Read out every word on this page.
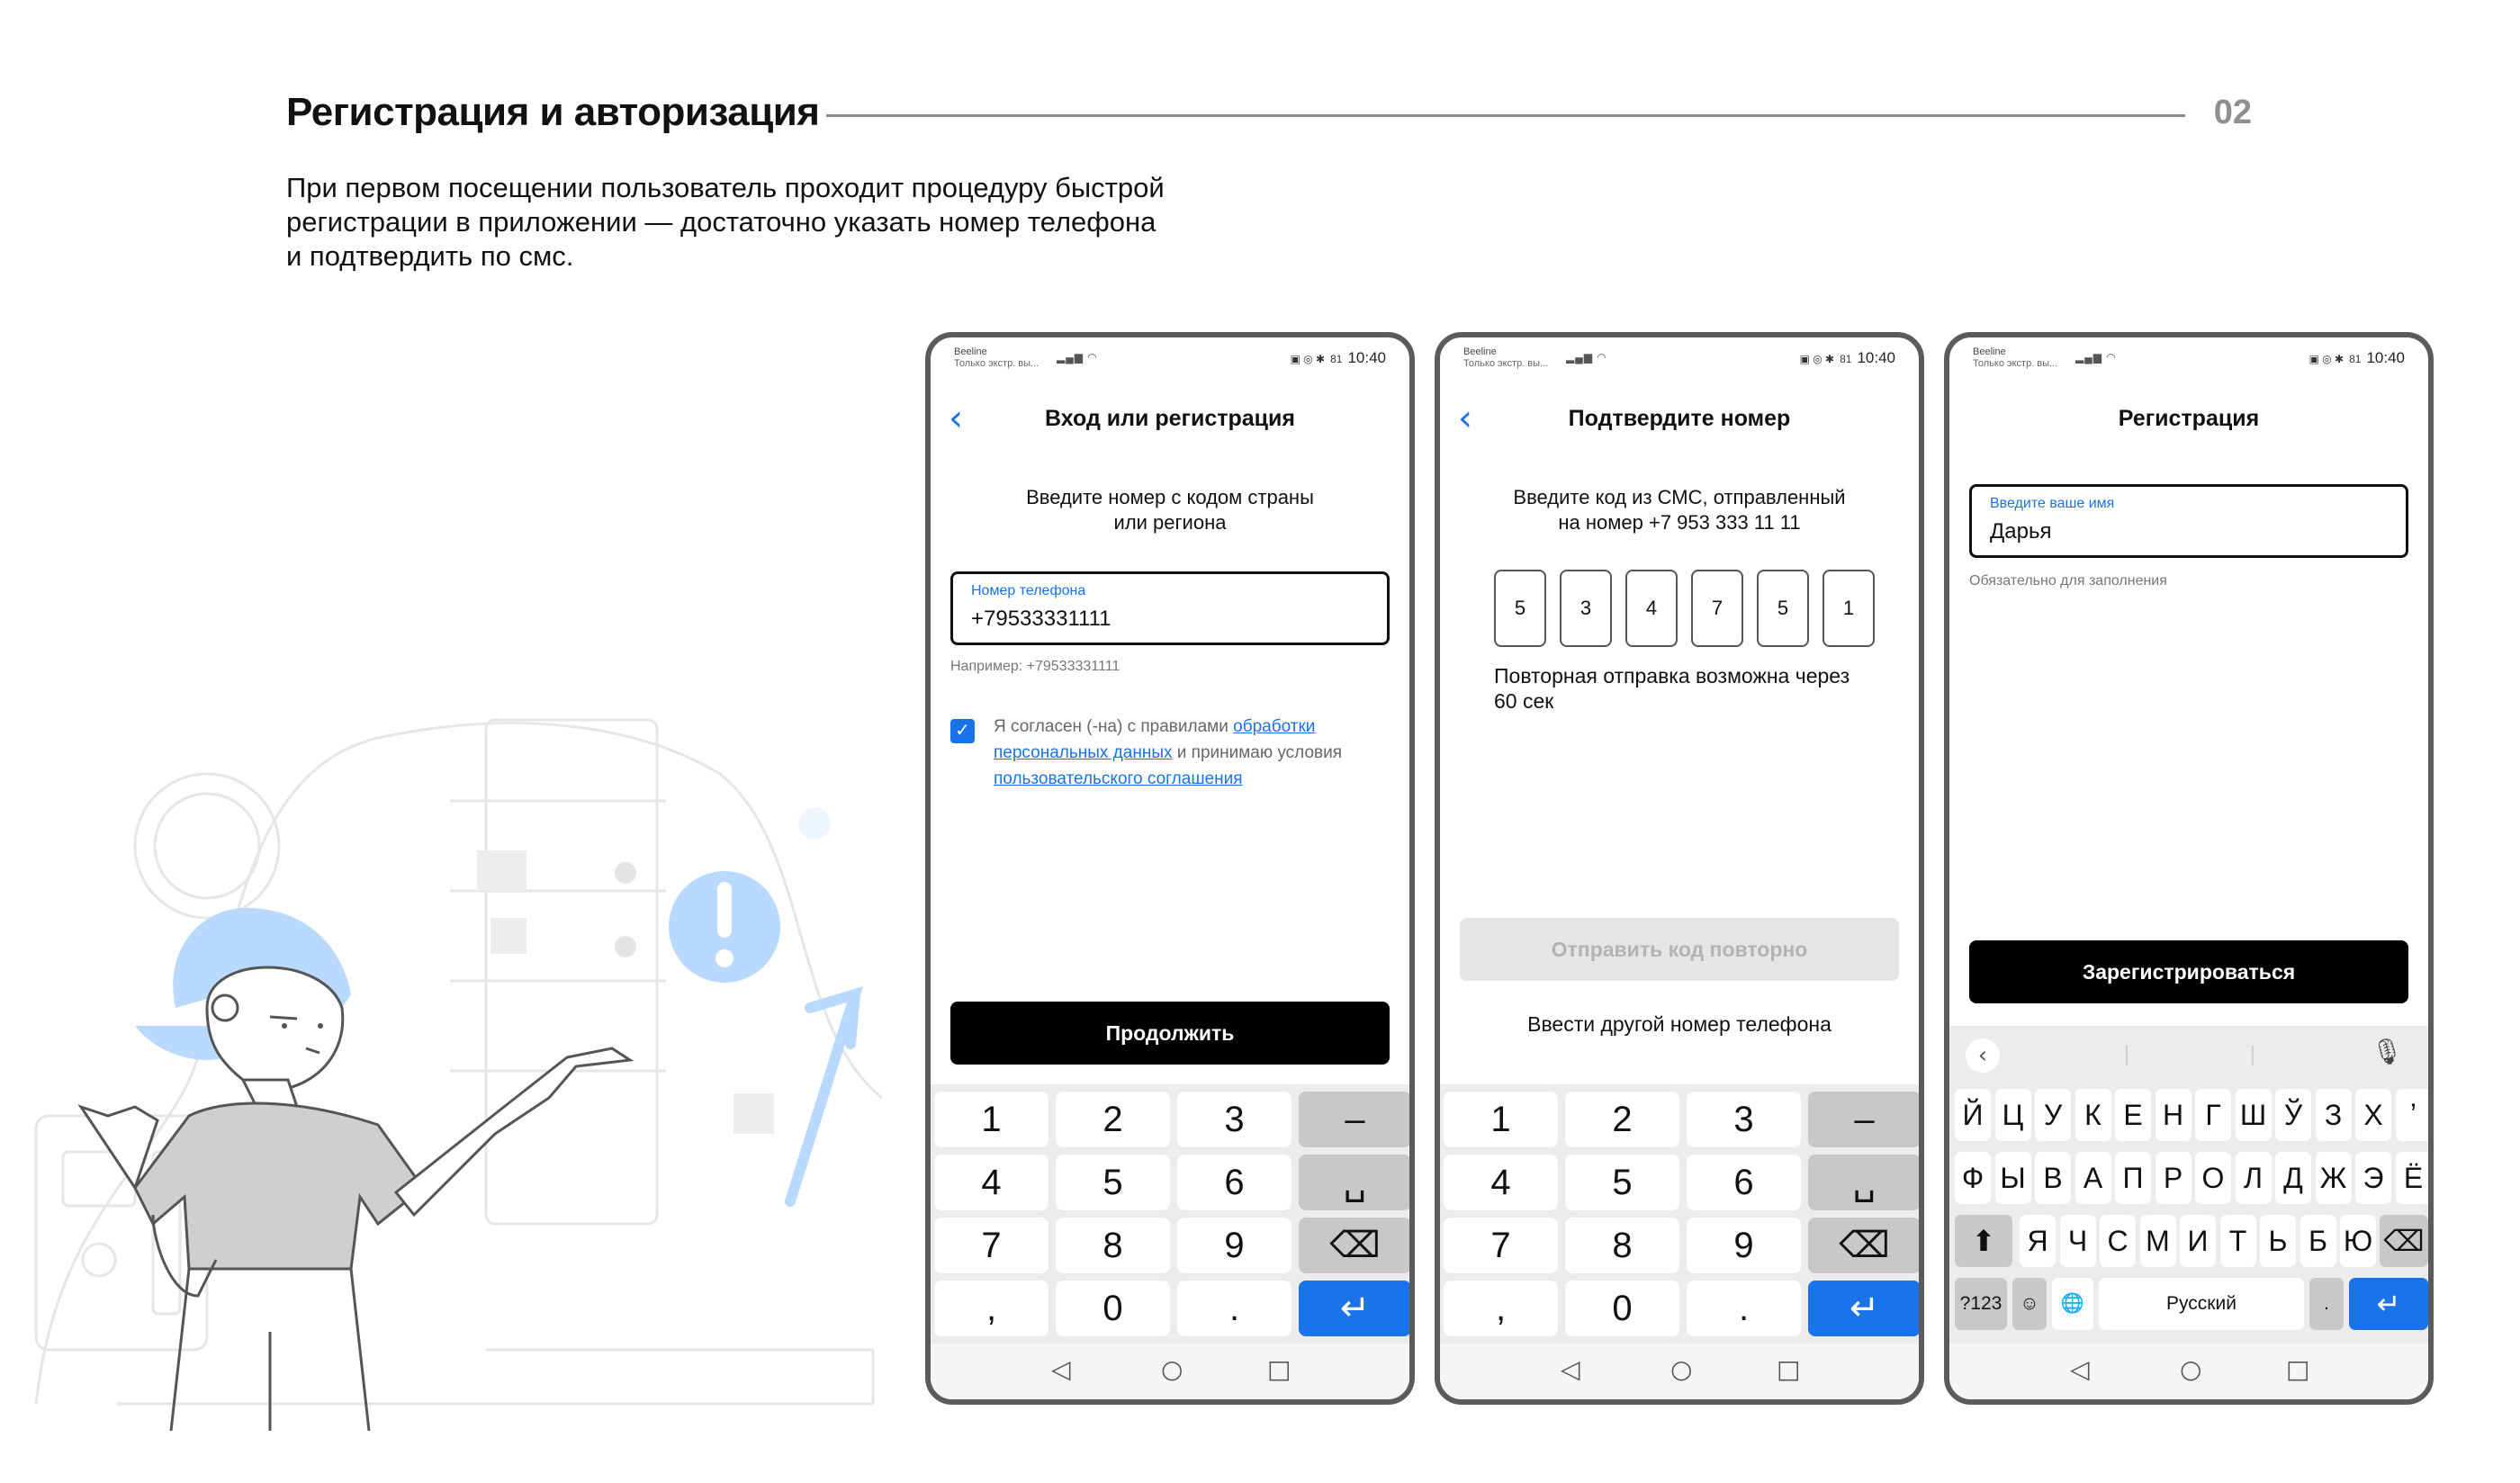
Регистрация и авторизация	02
При первом посещении пользователь проходит процедуру быстрой
регистрации в приложении — достаточно указать номер телефона
и подтвердить по смс.
Beeline
Только экстр. вы... ▂▄▆ ◠	▣ ◎ ✱ 81 10:40
‹	Вход или регистрация
Введите номер с кодом страны
или региона
Номер телефона
+79533331111
Например: +79533331111
✓ Я согласен (-на) с правилами обработки
персональных данных и принимаю условия
пользовательского соглашения
Продолжить
1	2	3	–
4	5	6	␣
7	8	9	⌫
,	0	.	↵
◁	○	□
Beeline
Только экстр. вы... ▂▄▆ ◠	▣ ◎ ✱ 81 10:40
‹	Подтвердите номер
Введите код из СМС, отправленный
на номер +7 953 333 11 11
5	3	4	7	5	1
Повторная отправка возможна через
60 сек
Отправить код повторно
Ввести другой номер телефона
1	2	3	–
4	5	6	␣
7	8	9	⌫
,	0	.	↵
◁	○	□
Beeline
Только экстр. вы... ▂▄▆ ◠	▣ ◎ ✱ 81 10:40
Регистрация
Введите ваше имя
Дарья
Обязательно для заполнения
Зарегистрироваться
‹	🎙
Й Ц У К Е Н Г Ш Ў З Х ʼ
Ф Ы В А П Р О Л Д Ж Э Ё
⬆	Я Ч С М И Т Ь Б Ю ⌫
?123 ☺	🌐	Русский	.	↵
◁	○	□
